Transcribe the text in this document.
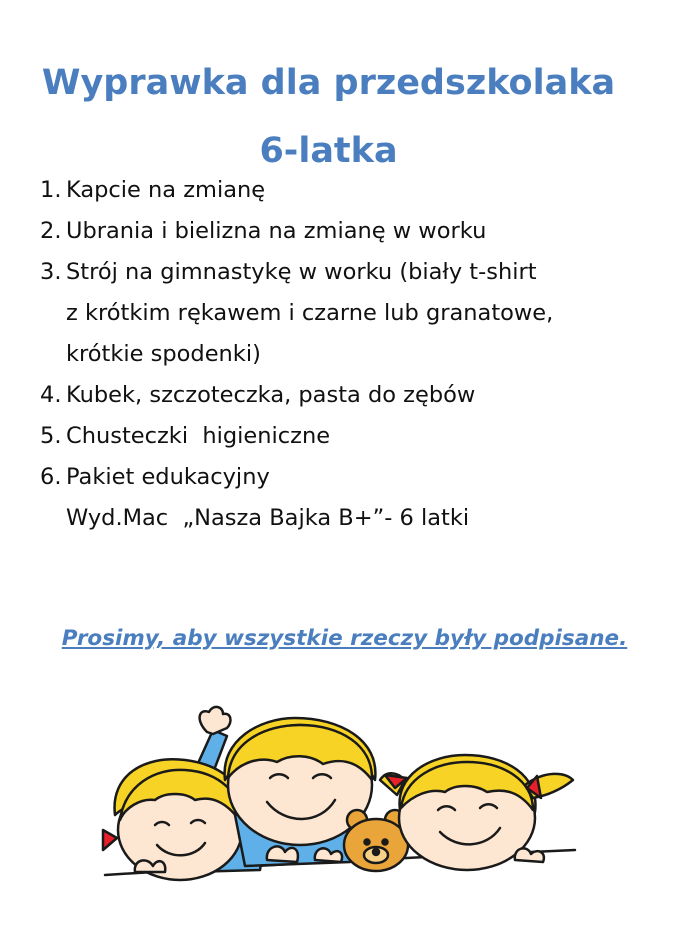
Wyprawka dla przedszkolaka
6-latka
1. Kapcie na zmianę
2. Ubrania i bielizna na zmianę w worku
3. Strój na gimnastykę w worku (biały t-shirt
z krótkim rękawem i czarne lub granatowe,
krótkie spodenki)
4. Kubek, szczoteczka, pasta do zębów
5. Chusteczki  higieniczne
6. Pakiet edukacyjny
Wyd.Mac  „Nasza Bajka B+”- 6 latki

Prosimy, aby wszystkie rzeczy były podpisane.
